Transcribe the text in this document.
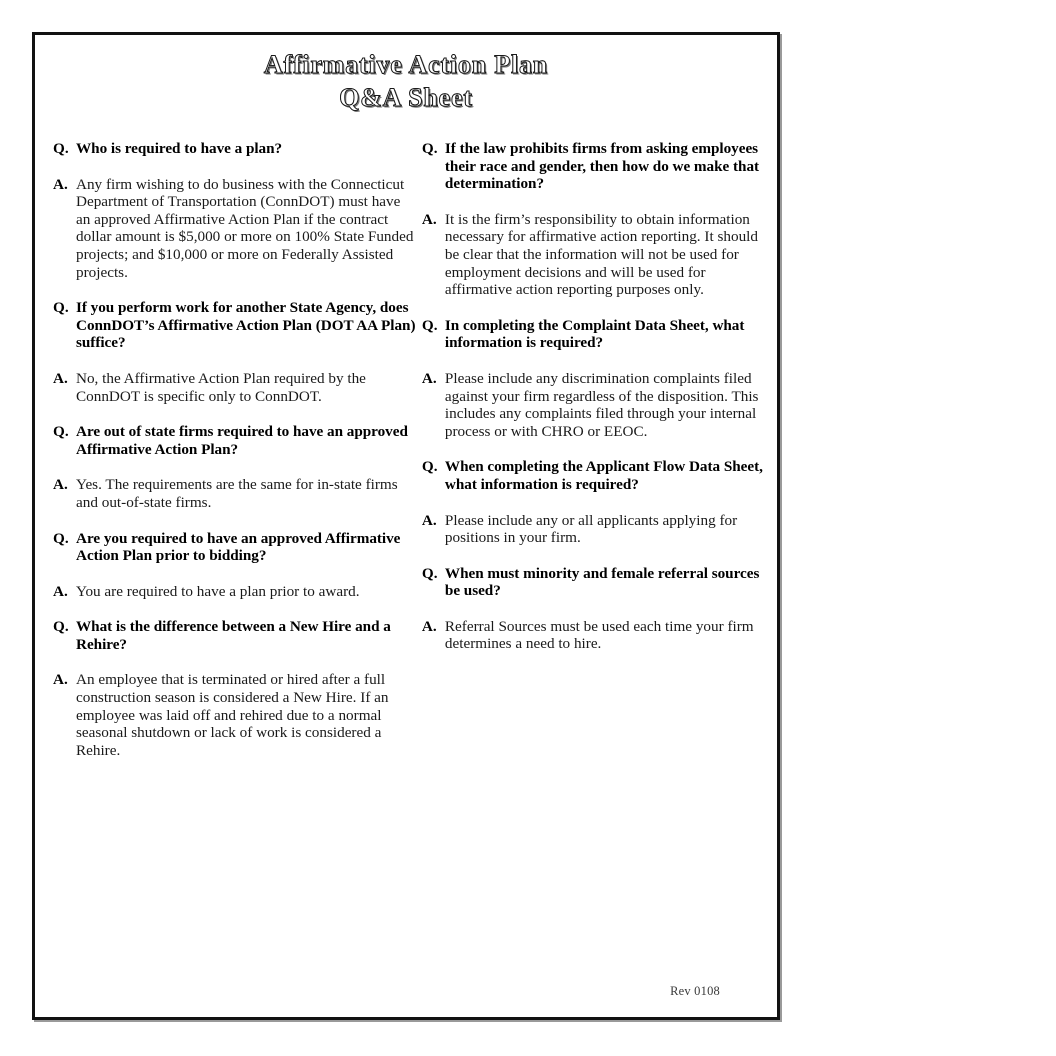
Affirmative Action Plan
Q&A Sheet
Q. Who is required to have a plan?
A. Any firm wishing to do business with the Connecticut Department of Transportation (ConnDOT) must have an approved Affirmative Action Plan if the contract dollar amount is $5,000 or more on 100% State Funded projects; and $10,000 or more on Federally Assisted projects.
Q. If you perform work for another State Agency, does ConnDOT’s Affirmative Action Plan (DOT AA Plan) suffice?
A. No, the Affirmative Action Plan required by the ConnDOT is specific only to ConnDOT.
Q. Are out of state firms required to have an approved Affirmative Action Plan?
A. Yes. The requirements are the same for in-state firms and out-of-state firms.
Q. Are you required to have an approved Affirmative Action Plan prior to bidding?
A. You are required to have a plan prior to award.
Q. What is the difference between a New Hire and a Rehire?
A. An employee that is terminated or hired after a full construction season is considered a New Hire. If an employee was laid off and rehired due to a normal seasonal shutdown or lack of work is considered a Rehire.
Q. If the law prohibits firms from asking employees their race and gender, then how do we make that determination?
A. It is the firm’s responsibility to obtain information necessary for affirmative action reporting. It should be clear that the information will not be used for employment decisions and will be used for affirmative action reporting purposes only.
Q. In completing the Complaint Data Sheet, what information is required?
A. Please include any discrimination complaints filed against your firm regardless of the disposition. This includes any complaints filed through your internal process or with CHRO or EEOC.
Q. When completing the Applicant Flow Data Sheet, what information is required?
A. Please include any or all applicants applying for positions in your firm.
Q. When must minority and female referral sources be used?
A. Referral Sources must be used each time your firm determines a need to hire.
Rev 0108
